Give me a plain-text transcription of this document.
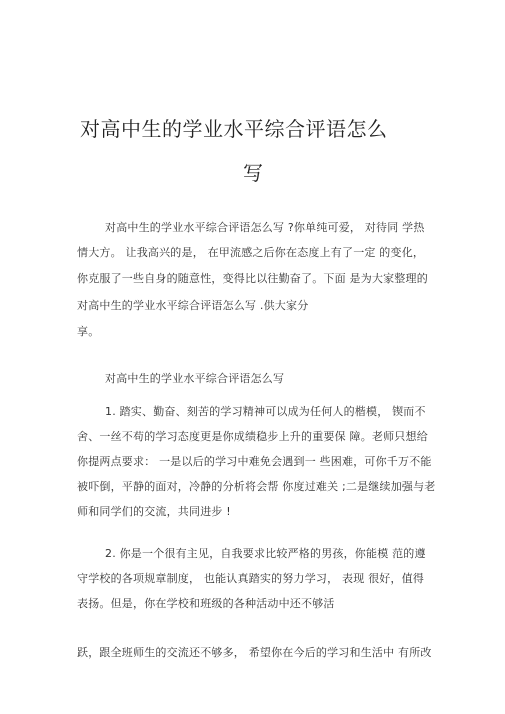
对高中生的学业水平综合评语怎么
写
对高中生的学业水平综合评语怎么写 ?你单纯可爱， 对待同 学热
情大方。 让我高兴的是， 在甲流感之后你在态度上有了一定 的变化，
你克服了一些自身的随意性，变得比以往勤奋了。下面 是为大家整理的
对高中生的学业水平综合评语怎么写 .供大家分
享。
对高中生的学业水平综合评语怎么写
1. 踏实、勤奋、刻苦的学习精神可以成为任何人的楷模， 锲而不
舍、一丝不苟的学习态度更是你成绩稳步上升的重要保 障。老师只想给
你提两点要求： 一是以后的学习中难免会遇到一 些困难，可你千万不能
被吓倒，平静的面对，冷静的分析将会帮 你度过难关 ;二是继续加强与老
师和同学们的交流，共同进步 !
2. 你是一个很有主见，自我要求比较严格的男孩，你能模 范的遵
守学校的各项规章制度， 也能认真踏实的努力学习， 表现 很好，值得
表扬。但是，你在学校和班级的各种活动中还不够活
跃，跟全班师生的交流还不够多， 希望你在今后的学习和生活中 有所改
